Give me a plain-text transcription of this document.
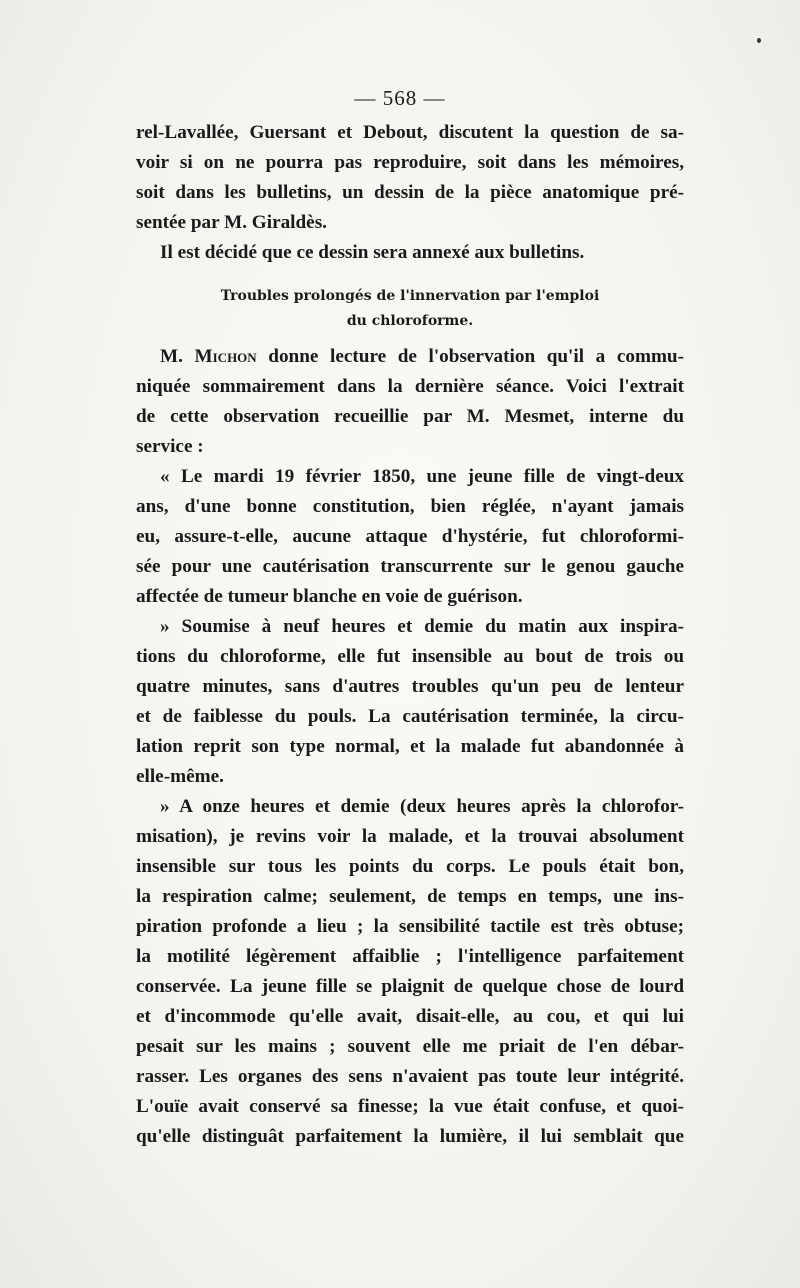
— 568 —
rel-Lavallée, Guersant et Debout, discutent la question de sa-
voir si on ne pourra pas reproduire, soit dans les mémoires,
soit dans les bulletins, un dessin de la pièce anatomique pré-
sentée par M. Giraldès.
Il est décidé que ce dessin sera annexé aux bulletins.
Troubles prolongés de l'innervation par l'emploi
du chloroforme.
M. Michon donne lecture de l'observation qu'il a commu-
niquée sommairement dans la dernière séance. Voici l'extrait
de cette observation recueillie par M. Mesmet, interne du
service :
« Le mardi 19 février 1850, une jeune fille de vingt-deux
ans, d'une bonne constitution, bien réglée, n'ayant jamais
eu, assure-t-elle, aucune attaque d'hystérie, fut chloroformi-
sée pour une cautérisation transcurrente sur le genou gauche
affectée de tumeur blanche en voie de guérison.
» Soumise à neuf heures et demie du matin aux inspira-
tions du chloroforme, elle fut insensible au bout de trois ou
quatre minutes, sans d'autres troubles qu'un peu de lenteur
et de faiblesse du pouls. La cautérisation terminée, la circu-
lation reprit son type normal, et la malade fut abandonnée à
elle-même.
» A onze heures et demie (deux heures après la chlorofor-
misation), je revins voir la malade, et la trouvai absolument
insensible sur tous les points du corps. Le pouls était bon,
la respiration calme; seulement, de temps en temps, une ins-
piration profonde a lieu ; la sensibilité tactile est très obtuse;
la motilité légèrement affaiblie ; l'intelligence parfaitement
conservée. La jeune fille se plaignit de quelque chose de lourd
et d'incommode qu'elle avait, disait-elle, au cou, et qui lui
pesait sur les mains ; souvent elle me priait de l'en débar-
rasser. Les organes des sens n'avaient pas toute leur intégrité.
L'ouïe avait conservé sa finesse; la vue était confuse, et quoi-
qu'elle distinguât parfaitement la lumière, il lui semblait que
